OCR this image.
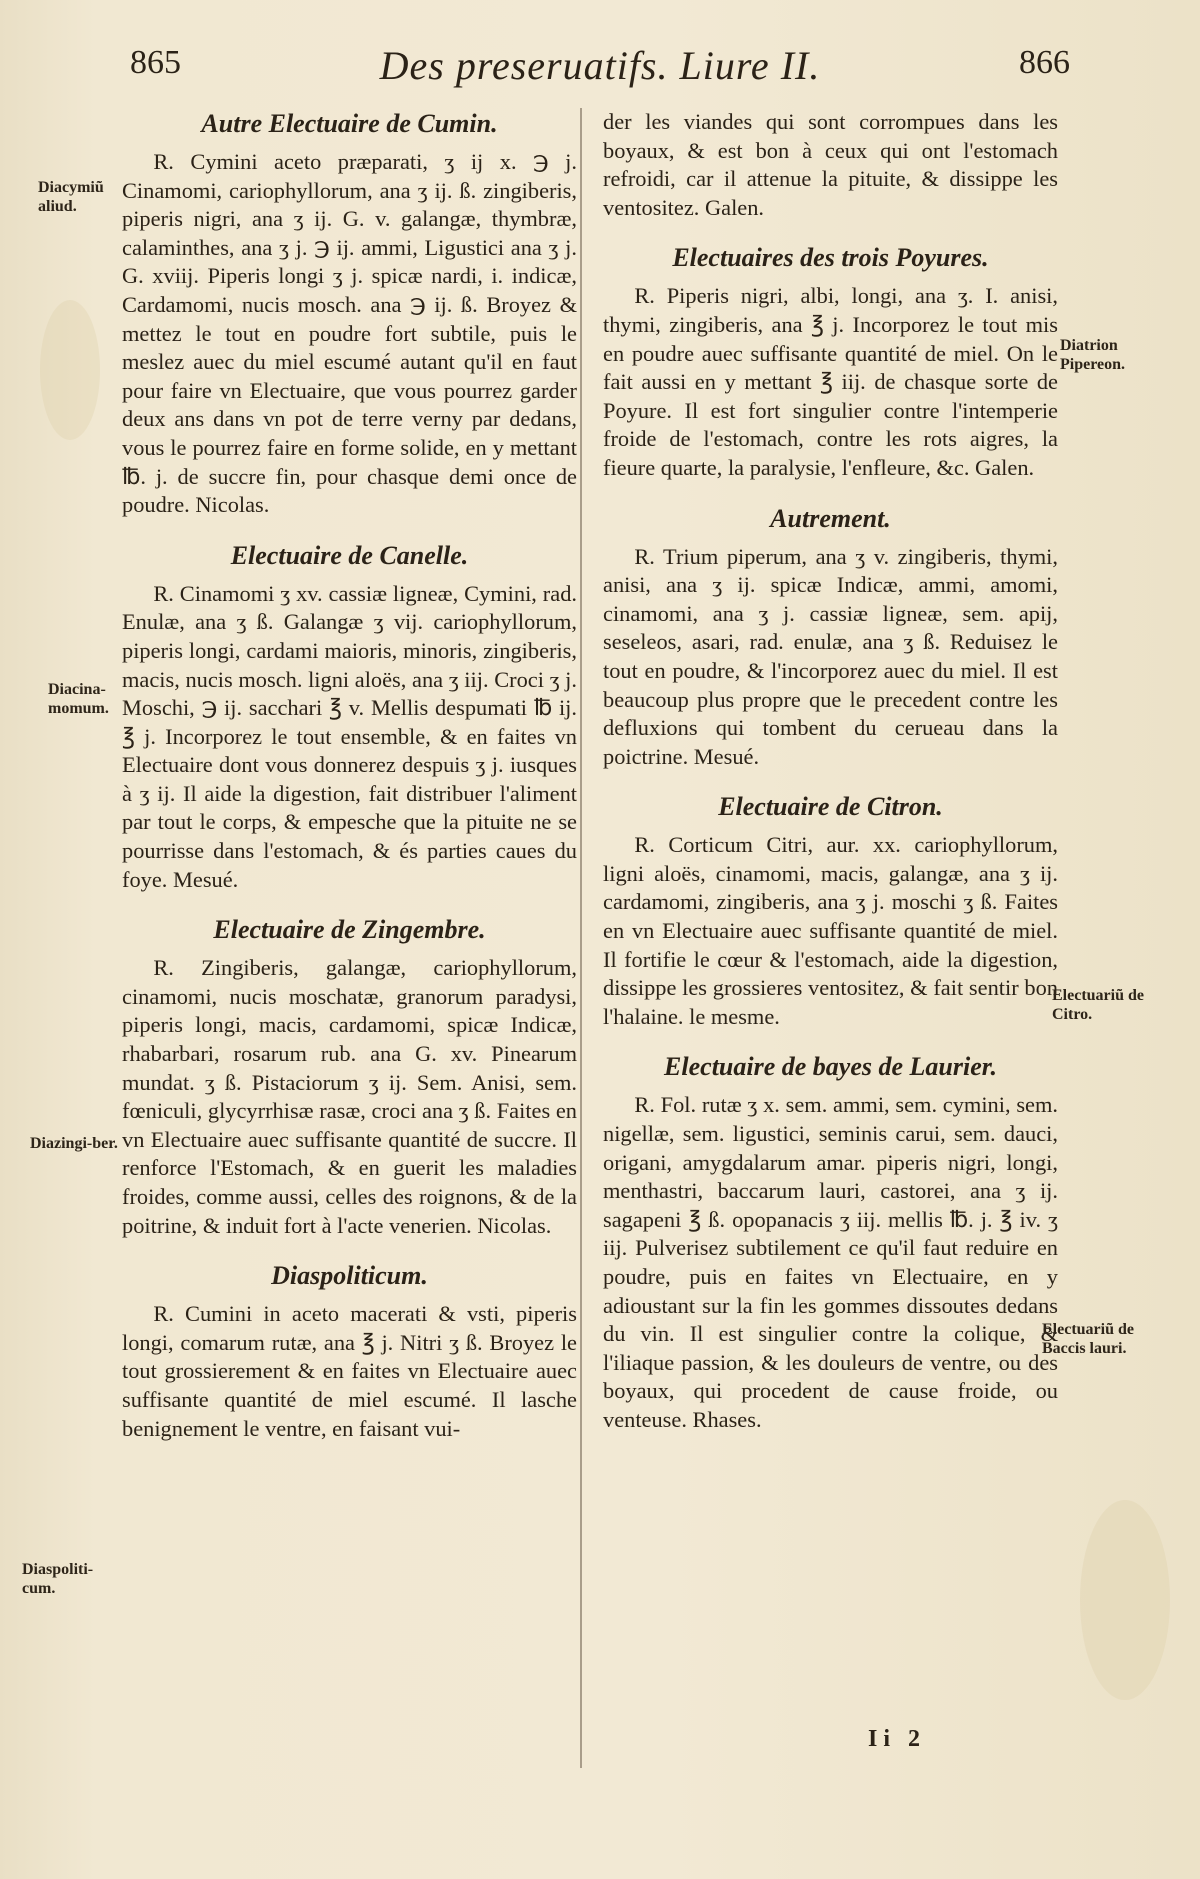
865	Des preseruatifs. Liure II.	866
Autre Electuaire de Cumin.

R. Cymini aceto præparati, ʒ ij x. ℈ j. Cinamomi, cariophyllorum, ana ʒ ij. ß. zingiberis, piperis nigri, ana ʒ ij. G. v. galangæ, thymbræ, calaminthes, ana ʒ j. ℈ ij. ammi, Ligustici ana ʒ j. G. xviij. Piperis longi ʒ j. spicæ nardi, i. indicæ, Cardamomi, nucis mosch. ana ℈ ij. ß. Broyez & mettez le tout en poudre fort subtile, puis le meslez auec du miel escumé autant qu'il en faut pour faire vn Electuaire, que vous pourrez garder deux ans dans vn pot de terre verny par dedans, vous le pourrez faire en forme solide, en y mettant ℔. j. de succre fin, pour chasque demi once de poudre. Nicolas.

Electuaire de Canelle.

R. Cinamomi ʒ xv. cassiæ ligneæ, Cymini, rad. Enulæ, ana ʒ ß. Galangæ ʒ vij. cariophyllorum, piperis longi, cardami maioris, minoris, zingiberis, macis, nucis mosch. ligni aloës, ana ʒ iij. Croci ʒ j. Moschi, ℈ ij. sacchari ℥ v. Mellis despumati ℔ ij. ℥ j. Incorporez le tout ensemble, & en faites vn Electuaire dont vous donnerez despuis ʒ j. iusques à ʒ ij. Il aide la digestion, fait distribuer l'aliment par tout le corps, & empesche que la pituite ne se pourrisse dans l'estomach, & és parties caues du foye. Mesué.

Electuaire de Zingembre.

R. Zingiberis, galangæ, cariophyllorum, cinamomi, nucis moschatæ, granorum paradysi, piperis longi, macis, cardamomi, spicæ Indicæ, rhabarbari, rosarum rub. ana G. xv. Pinearum mundat. ʒ ß. Pistaciorum ʒ ij. Sem. Anisi, sem. fœniculi, glycyrrhisæ rasæ, croci ana ʒ ß. Faites en vn Electuaire auec suffisante quantité de succre. Il renforce l'Estomach, & en guerit les maladies froides, comme aussi, celles des roignons, & de la poitrine, & induit fort à l'acte venerien. Nicolas.

Diaspoliticum.

R. Cumini in aceto macerati & vsti, piperis longi, comarum rutæ, ana ℥ j. Nitri ʒ ß. Broyez le tout grossierement & en faites vn Electuaire auec suffisante quantité de miel escumé. Il lasche benignement le ventre, en faisant vui-

der les viandes qui sont corrompues dans les boyaux, & est bon à ceux qui ont l'estomach refroidi, car il attenue la pituite, & dissippe les ventositez. Galen.

Electuaires des trois Poyures.

R. Piperis nigri, albi, longi, ana ʒ. I. anisi, thymi, zingiberis, ana ℥ j. Incorporez le tout mis en poudre auec suffisante quantité de miel. On le fait aussi en y mettant ℥ iij. de chasque sorte de Poyure. Il est fort singulier contre l'intemperie froide de l'estomach, contre les rots aigres, la fieure quarte, la paralysie, l'enfleure, &c. Galen.

Autrement.

R. Trium piperum, ana ʒ v. zingiberis, thymi, anisi, ana ʒ ij. spicæ Indicæ, ammi, amomi, cinamomi, ana ʒ j. cassiæ ligneæ, sem. apij, seseleos, asari, rad. enulæ, ana ʒ ß. Reduisez le tout en poudre, & l'incorporez auec du miel. Il est beaucoup plus propre que le precedent contre les defluxions qui tombent du cerueau dans la poictrine. Mesué.

Electuaire de Citron.

R. Corticum Citri, aur. xx. cariophyllorum, ligni aloës, cinamomi, macis, galangæ, ana ʒ ij. cardamomi, zingiberis, ana ʒ j. moschi ʒ ß. Faites en vn Electuaire auec suffisante quantité de miel. Il fortifie le cœur & l'estomach, aide la digestion, dissippe les grossieres ventositez, & fait sentir bon l'halaine. le mesme.

Electuaire de bayes de Laurier.

R. Fol. rutæ ʒ x. sem. ammi, sem. cymini, sem. nigellæ, sem. ligustici, seminis carui, sem. dauci, origani, amygdalarum amar. piperis nigri, longi, menthastri, baccarum lauri, castorei, ana ʒ ij. sagapeni ℥ ß. opopanacis ʒ iij. mellis ℔. j. ℥ iv. ʒ iij. Pulverisez subtilement ce qu'il faut reduire en poudre, puis en faites vn Electuaire, en y adioustant sur la fin les gommes dissoutes dedans du vin. Il est singulier contre la colique, & l'iliaque passion, & les douleurs de ventre, ou des boyaux, qui procedent de cause froide, ou venteuse. Rhases.

Diacymiũ aliud.
Diacina-momum.
Diazingi-ber.
Diaspoliti-cum.
Diatrion Pipereon.
Electuariũ de Citro.
Electuariũ de Baccis lauri.
Ii 2
